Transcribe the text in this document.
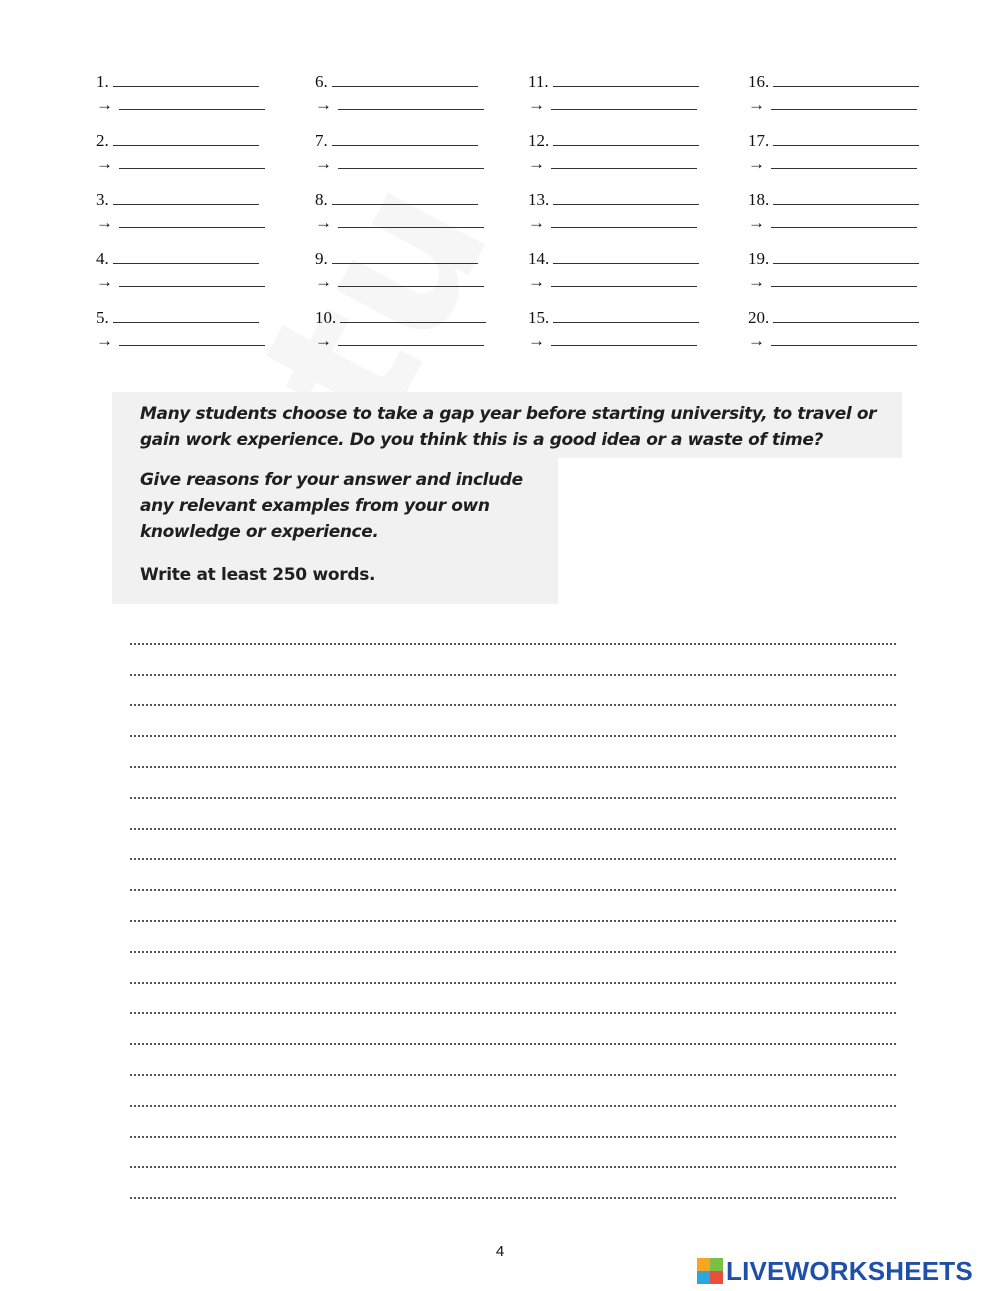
1.
→
6.
→
11.
→
16.
→
2.
→
7.
→
12.
→
17.
→
3.
→
8.
→
13.
→
18.
→
4.
→
9.
→
14.
→
19.
→
5.
→
10.
→
15.
→
20.
→
Many students choose to take a gap year before starting university, to travel or gain work experience. Do you think this is a good idea or a waste of time?
Give reasons for your answer and include any relevant examples from your own knowledge or experience.
Write at least 250 words.
4
LIVEWORKSHEETS
